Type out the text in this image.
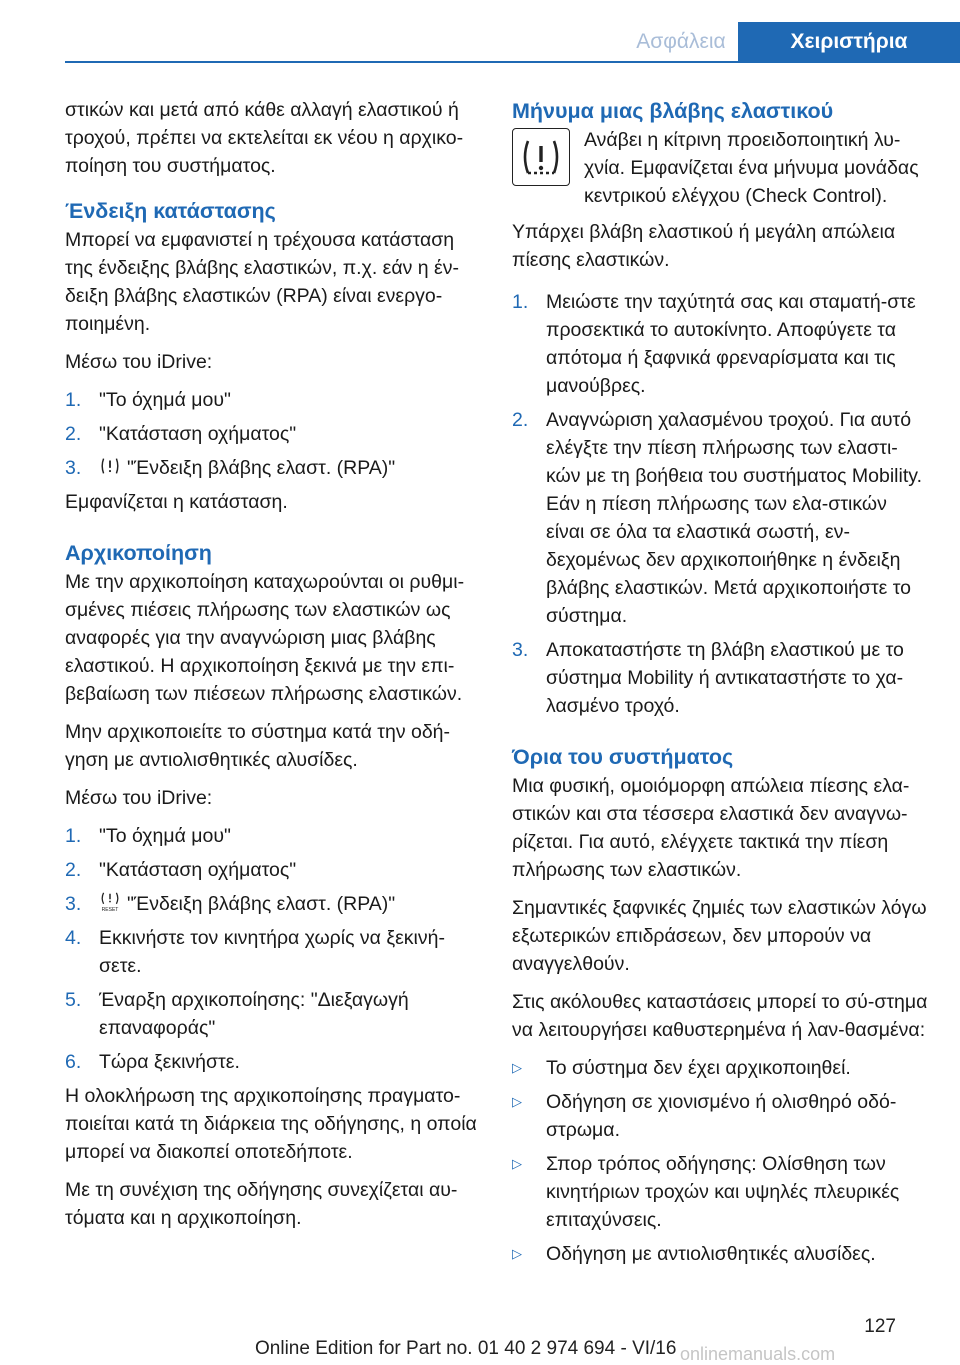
Ασφάλεια	Χειριστήρια

στικών και μετά από κάθε αλλαγή ελαστικού ή τροχού, πρέπει να εκτελείται εκ νέου η αρχικο-ποίηση του συστήματος.

Ένδειξη κατάστασης

Μπορεί να εμφανιστεί η τρέχουσα κατάσταση της ένδειξης βλάβης ελαστικών, π.χ. εάν η έν-δειξη βλάβης ελαστικών (RPA) είναι ενεργο-ποιημένη.

Μέσω του iDrive:

1. "Το όχημά μου"
2. "Κατάσταση οχήματος"
3. "Ένδειξη βλάβης ελαστ. (RPA)"

Εμφανίζεται η κατάσταση.

Αρχικοποίηση

Με την αρχικοποίηση καταχωρούνται οι ρυθμι-σμένες πιέσεις πλήρωσης των ελαστικών ως αναφορές για την αναγνώριση μιας βλάβης ελαστικού. Η αρχικοποίηση ξεκινά με την επι-βεβαίωση των πιέσεων πλήρωσης ελαστικών.

Μην αρχικοποιείτε το σύστημα κατά την οδή-γηση με αντιολισθητικές αλυσίδες.

Μέσω του iDrive:

1. "Το όχημά μου"
2. "Κατάσταση οχήματος"
3.	RESET "Ένδειξη βλάβης ελαστ. (RPA)"
4. Εκκινήστε τον κινητήρα χωρίς να ξεκινή-σετε.
5. Έναρξη αρχικοποίησης: "Διεξαγωγή επαναφοράς"
6. Τώρα ξεκινήστε.

Η ολοκλήρωση της αρχικοποίησης πραγματο-ποιείται κατά τη διάρκεια της οδήγησης, η οποία μπορεί να διακοπεί οποτεδήποτε.

Με τη συνέχιση της οδήγησης συνεχίζεται αυ-τόματα και η αρχικοποίηση.

Μήνυμα μιας βλάβης ελαστικού
Ανάβει η κίτρινη προειδοποιητική λυ-χνία. Εμφανίζεται ένα μήνυμα μονάδας κεντρικού ελέγχου (Check Control).

Υπάρχει βλάβη ελαστικού ή μεγάλη απώλεια πίεσης ελαστικών.

1. Μειώστε την ταχύτητά σας και σταματή-στε προσεκτικά το αυτοκίνητο. Αποφύγετε τα απότομα ή ξαφνικά φρεναρίσματα και τις μανούβρες.
2. Αναγνώριση χαλασμένου τροχού. Για αυτό ελέγξτε την πίεση πλήρωσης των ελαστι-κών με τη βοήθεια του συστήματος Mobility. Εάν η πίεση πλήρωσης των ελα-στικών είναι σε όλα τα ελαστικά σωστή, εν-δεχομένως δεν αρχικοποιήθηκε η ένδειξη βλάβης ελαστικών. Μετά αρχικοποιήστε το σύστημα.
3. Αποκαταστήστε τη βλάβη ελαστικού με το σύστημα Mobility ή αντικαταστήστε το χα-λασμένο τροχό.
Όρια του συστήματος

Μια φυσική, ομοιόμορφη απώλεια πίεσης ελα-στικών και στα τέσσερα ελαστικά δεν αναγνω-ρίζεται. Για αυτό, ελέγχετε τακτικά την πίεση πλήρωσης των ελαστικών.

Σημαντικές ξαφνικές ζημιές των ελαστικών λόγω εξωτερικών επιδράσεων, δεν μπορούν να αναγγελθούν.

Στις ακόλουθες καταστάσεις μπορεί το σύ-στημα να λειτουργήσει καθυστερημένα ή λαν-θασμένα:

▷ Το σύστημα δεν έχει αρχικοποιηθεί.
▷ Οδήγηση σε χιονισμένο ή ολισθηρό οδό-στρωμα.
▷ Σπορ τρόπος οδήγησης: Ολίσθηση των κινητήριων τροχών και υψηλές πλευρικές επιταχύνσεις.
▷ Οδήγηση με αντιολισθητικές αλυσίδες.
127
Online Edition for Part no. 01 40 2 974 694 - VI/16 onlinemanuals.com
